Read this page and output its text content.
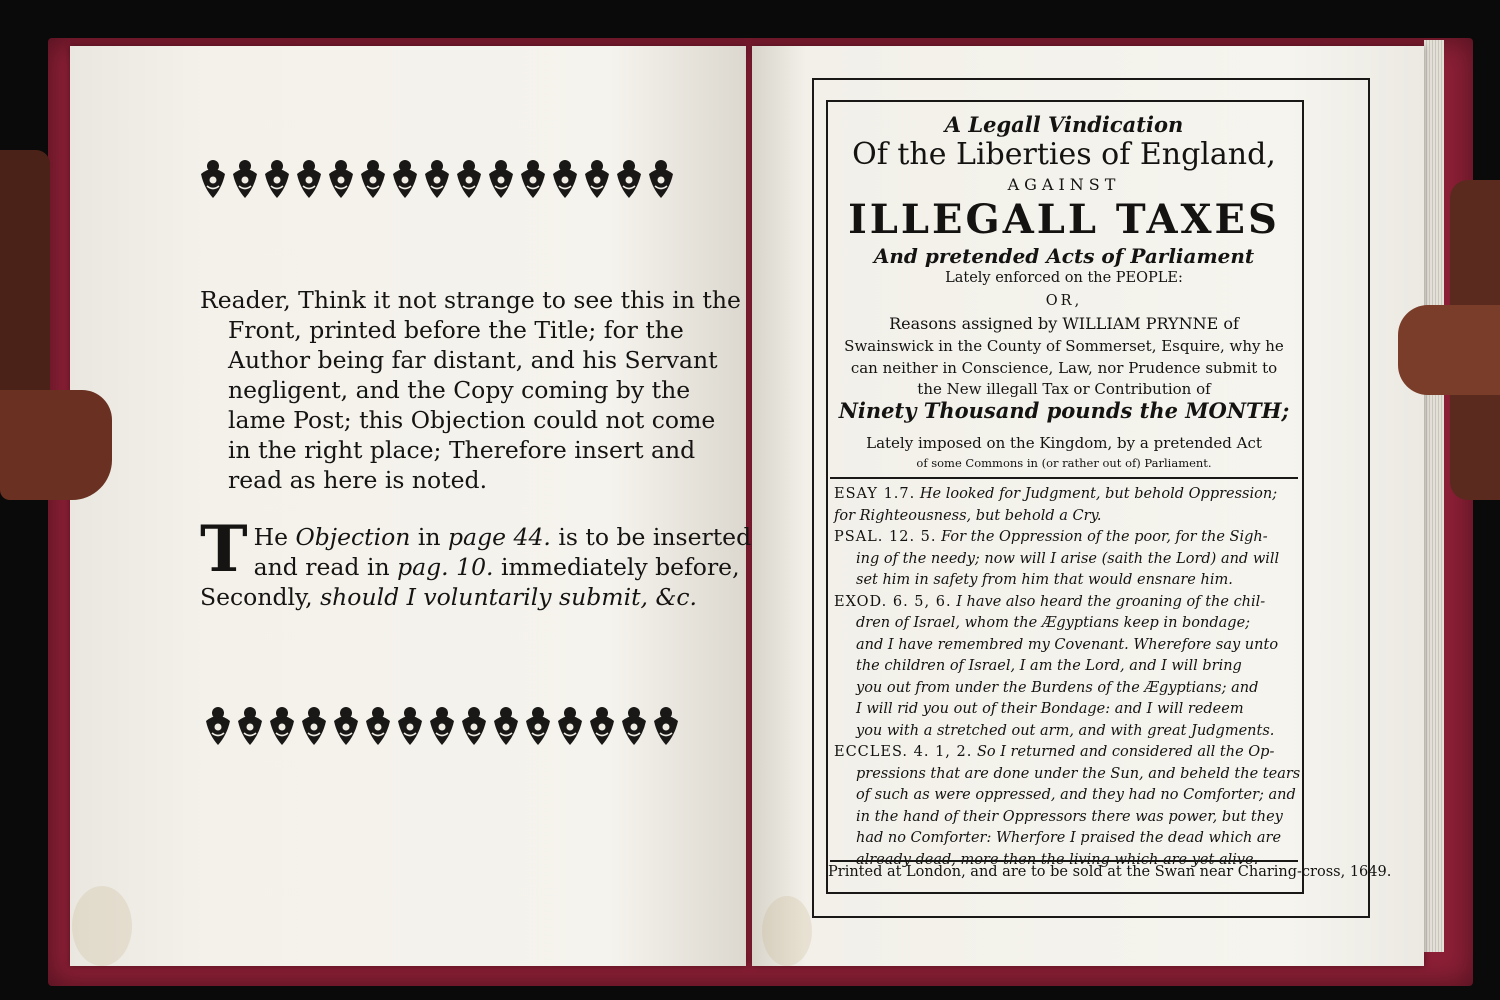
Reader, Think it not strange to see this in the
Front, printed before the Title; for the
Author being far distant, and his Servant
negligent, and the Copy coming by the
lame Post; this Objection could not come
in the right place; Therefore insert and
read as here is noted.
T He Objection in page 44. is to be inserted
and read in pag. 10. immediately before,
Secondly, should I voluntarily submit, &c.
A Legall Vindication
Of the Liberties of England,
AGAINST
ILLEGALL TAXES
And pretended Acts of Parliament
Lately enforced on the PEOPLE:
OR,
Reasons assigned by WILLIAM PRYNNE of
Swainswick in the County of Sommerset, Esquire, why he
can neither in Conscience, Law, nor Prudence submit to
the New illegall Tax or Contribution of
Ninety Thousand pounds the MONTH;
Lately imposed on the Kingdom, by a pretended Act
of some Commons in (or rather out of) Parliament.
ESAY 1.7. He looked for Judgment, but behold Oppression;
for Righteousness, but behold a Cry.
PSAL. 12. 5. For the Oppression of the poor, for the Sigh-
ing of the needy; now will I arise (saith the Lord) and will
set him in safety from him that would ensnare him.
EXOD. 6. 5, 6. I have also heard the groaning of the chil-
dren of Israel, whom the Ægyptians keep in bondage;
and I have remembred my Covenant. Wherefore say unto
the children of Israel, I am the Lord, and I will bring
you out from under the Burdens of the Ægyptians; and
I will rid you out of their Bondage: and I will redeem
you with a stretched out arm, and with great Judgments.
ECCLES. 4. 1, 2. So I returned and considered all the Op-
pressions that are done under the Sun, and beheld the tears
of such as were oppressed, and they had no Comforter; and
in the hand of their Oppressors there was power, but they
had no Comforter: Wherfore I praised the dead which are
already dead, more then the living which are yet alive.
Printed at London, and are to be sold at the Swan near Charing-cross, 1649.
